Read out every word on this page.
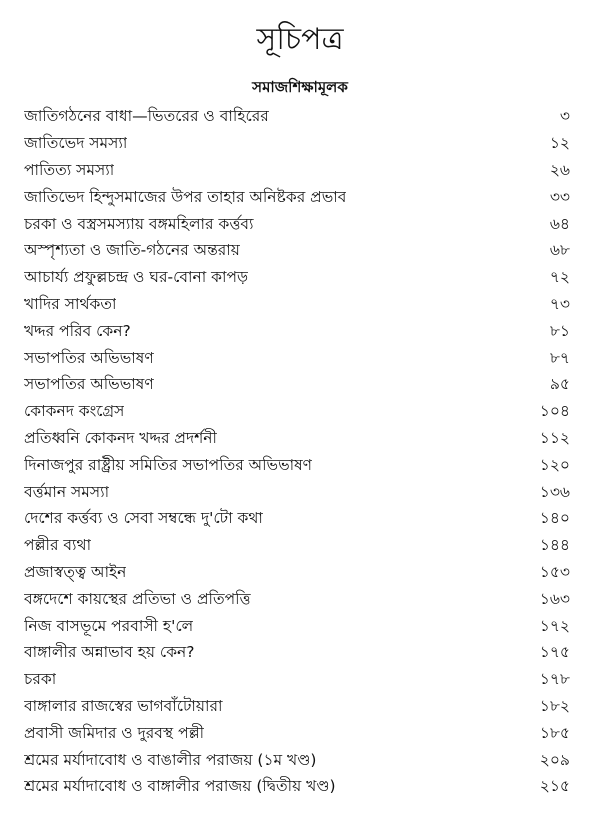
সূচিপত্র
সমাজশিক্ষামূলক
জাতিগঠনের বাধা—ভিতরের ও বাহিরের	৩
জাতিভেদ সমস্যা	১২
পাতিত্য সমস্যা	২৬
জাতিভেদ হিন্দুসমাজের উপর তাহার অনিষ্টকর প্রভাব	৩৩
চরকা ও বস্ত্রসমস্যায় বঙ্গমহিলার কর্ত্তব্য	৬৪
অস্পৃশ্যতা ও জাতি-গঠনের অন্তরায়	৬৮
আচার্য্য প্রফুল্লচন্দ্র ও ঘর-বোনা কাপড়	৭২
খাদির সার্থকতা	৭৩
খদ্দর পরিব কেন?	৮১
সভাপতির অভিভাষণ	৮৭
সভাপতির অভিভাষণ	৯৫
কোকনদ কংগ্রেস	১০৪
প্রতিধ্বনি কোকনদ খদ্দর প্রদর্শনী	১১২
দিনাজপুর রাষ্ট্রীয় সমিতির সভাপতির অভিভাষণ	১২০
বর্ত্তমান সমস্যা	১৩৬
দেশের কর্ত্তব্য ও সেবা সম্বন্ধে দু'টো কথা	১৪০
পল্লীর ব্যথা	১৪৪
প্রজাস্বত্ত্ব আইন	১৫৩
বঙ্গদেশে কায়স্থের প্রতিভা ও প্রতিপত্তি	১৬৩
নিজ বাসভূমে পরবাসী হ'লে	১৭২
বাঙ্গালীর অন্নাভাব হয় কেন?	১৭৫
চরকা	১৭৮
বাঙ্গালার রাজস্বের ভাগবাঁটোয়ারা	১৮২
প্রবাসী জমিদার ও দুরবস্থ পল্লী	১৮৫
শ্রমের মর্যাদাবোধ ও বাঙালীর পরাজয় (১ম খণ্ড)	২০৯
শ্রমের মর্যাদাবোধ ও বাঙ্গালীর পরাজয় (দ্বিতীয় খণ্ড)	২১৫
